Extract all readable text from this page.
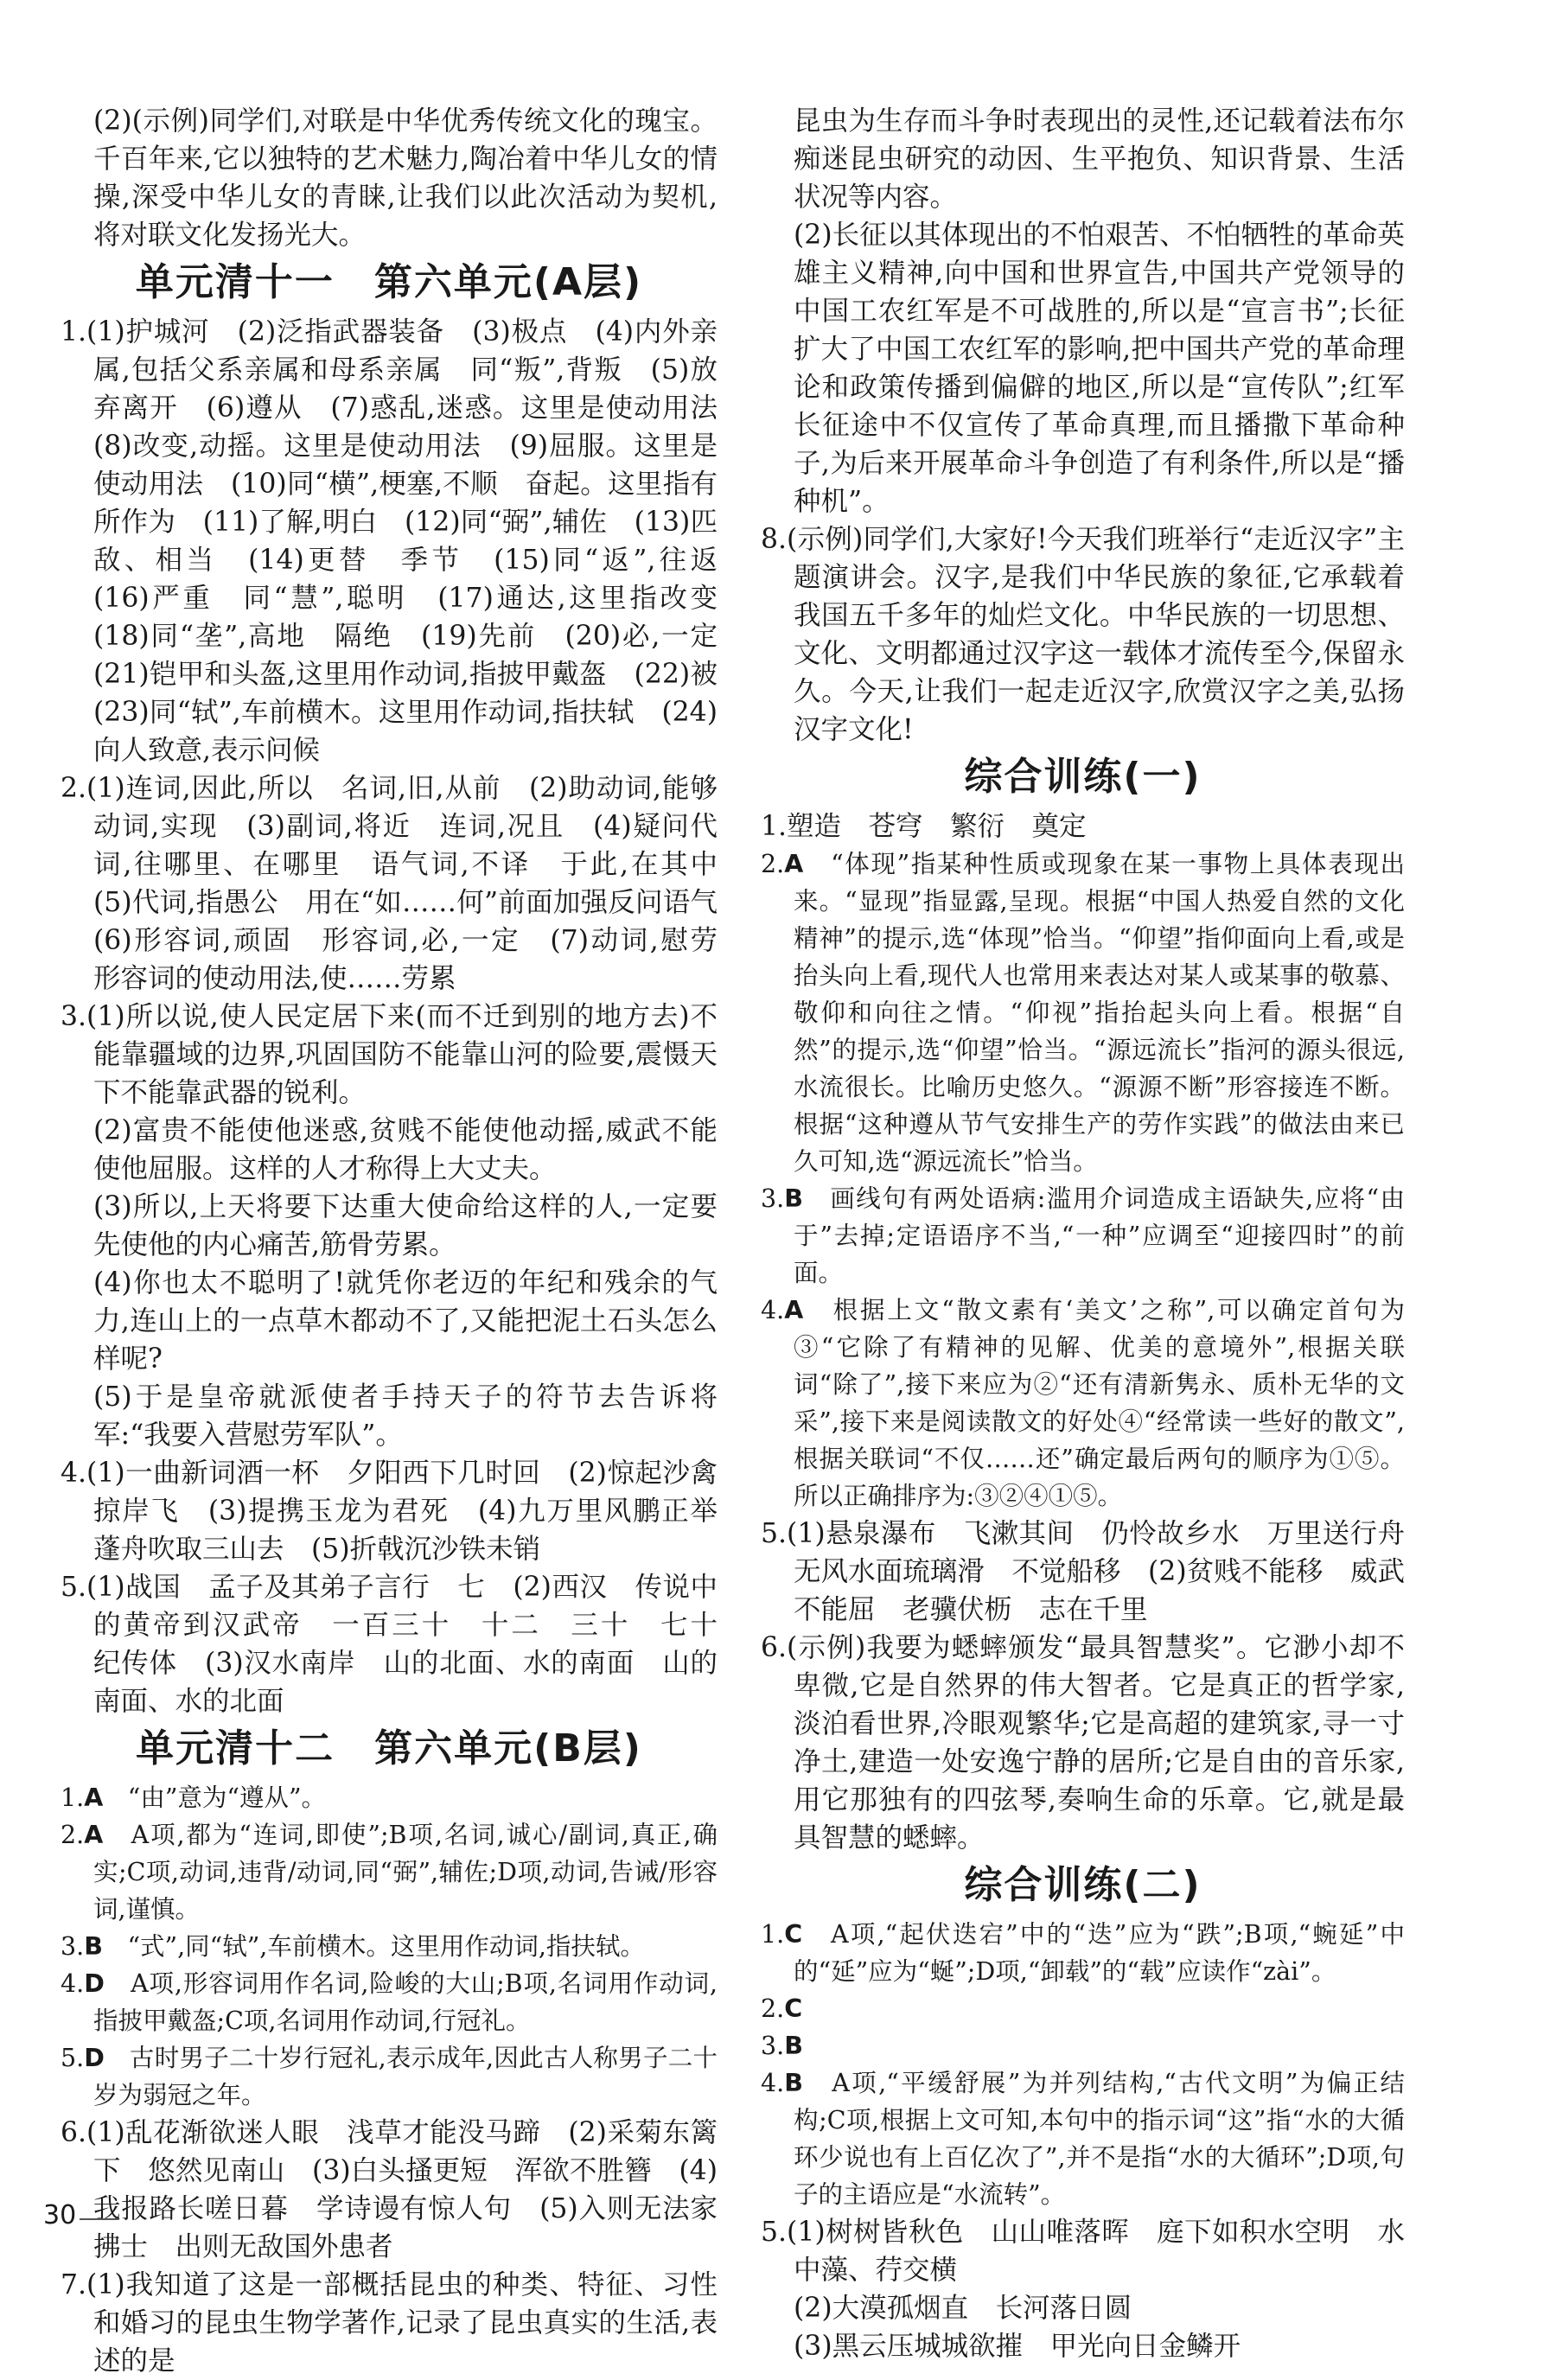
(2)(示例)同学们,对联是中华优秀传统文化的瑰宝。千百年来,它以独特的艺术魅力,陶冶着中华儿女的情操,深受中华儿女的青睐,让我们以此次活动为契机,将对联文化发扬光大。

单元清十一　第六单元(A层)

1.(1)护城河　(2)泛指武器装备　(3)极点　(4)内外亲属,包括父系亲属和母系亲属　同“叛”,背叛　(5)放弃离开　(6)遵从　(7)惑乱,迷惑。这里是使动用法　(8)改变,动摇。这里是使动用法　(9)屈服。这里是使动用法　(10)同“横”,梗塞,不顺　奋起。这里指有所作为　(11)了解,明白　(12)同“弼”,辅佐　(13)匹敌、相当　(14)更替　季节　(15)同“返”,往返　(16)严重　同“慧”,聪明　(17)通达,这里指改变　(18)同“垄”,高地　隔绝　(19)先前　(20)必,一定　(21)铠甲和头盔,这里用作动词,指披甲戴盔　(22)被　(23)同“轼”,车前横木。这里用作动词,指扶轼　(24)向人致意,表示问候

2.(1)连词,因此,所以　名词,旧,从前　(2)助动词,能够动词,实现　(3)副词,将近　连词,况且　(4)疑问代词,往哪里、在哪里　语气词,不译　于此,在其中　(5)代词,指愚公　用在“如……何”前面加强反问语气　(6)形容词,顽固　形容词,必,一定　(7)动词,慰劳　形容词的使动用法,使……劳累

3.(1)所以说,使人民定居下来(而不迁到别的地方去)不能靠疆域的边界,巩固国防不能靠山河的险要,震慑天下不能靠武器的锐利。

(2)富贵不能使他迷惑,贫贱不能使他动摇,威武不能使他屈服。这样的人才称得上大丈夫。

(3)所以,上天将要下达重大使命给这样的人,一定要先使他的内心痛苦,筋骨劳累。

(4)你也太不聪明了!就凭你老迈的年纪和残余的气力,连山上的一点草木都动不了,又能把泥土石头怎么样呢?

(5)于是皇帝就派使者手持天子的符节去告诉将军:“我要入营慰劳军队”。

4.(1)一曲新词酒一杯　夕阳西下几时回　(2)惊起沙禽掠岸飞　(3)提携玉龙为君死　(4)九万里风鹏正举　蓬舟吹取三山去　(5)折戟沉沙铁未销

5.(1)战国　孟子及其弟子言行　七　(2)西汉　传说中的黄帝到汉武帝　一百三十　十二　三十　七十　纪传体　(3)汉水南岸　山的北面、水的南面　山的南面、水的北面

单元清十二　第六单元(B层)

1.A　 “由”意为“遵从”。

2.A　 A项,都为“连词,即使”;B项,名词,诚心/副词,真正,确实;C项,动词,违背/动词,同“弼”,辅佐;D项,动词,告诫/形容词,谨慎。

3.B　 “式”,同“轼”,车前横木。这里用作动词,指扶轼。

4.D　 A项,形容词用作名词,险峻的大山;B项,名词用作动词,指披甲戴盔;C项,名词用作动词,行冠礼。

5.D　 古时男子二十岁行冠礼,表示成年,因此古人称男子二十岁为弱冠之年。

6.(1)乱花渐欲迷人眼　浅草才能没马蹄　(2)采菊东篱下　悠然见南山　(3)白头搔更短　浑欲不胜簪　(4)我报路长嗟日暮　学诗谩有惊人句　(5)入则无法家拂士　出则无敌国外患者

7.(1)我知道了这是一部概括昆虫的种类、特征、习性和婚习的昆虫生物学著作,记录了昆虫真实的生活,表述的是

昆虫为生存而斗争时表现出的灵性,还记载着法布尔痴迷昆虫研究的动因、生平抱负、知识背景、生活状况等内容。

(2)长征以其体现出的不怕艰苦、不怕牺牲的革命英雄主义精神,向中国和世界宣告,中国共产党领导的中国工农红军是不可战胜的,所以是“宣言书”;长征扩大了中国工农红军的影响,把中国共产党的革命理论和政策传播到偏僻的地区,所以是“宣传队”;红军长征途中不仅宣传了革命真理,而且播撒下革命种子,为后来开展革命斗争创造了有利条件,所以是“播种机”。

8.(示例)同学们,大家好!今天我们班举行“走近汉字”主题演讲会。汉字,是我们中华民族的象征,它承载着我国五千多年的灿烂文化。中华民族的一切思想、文化、文明都通过汉字这一载体才流传至今,保留永久。今天,让我们一起走近汉字,欣赏汉字之美,弘扬汉字文化!

综合训练(一)

1.塑造　苍穹　繁衍　奠定

2.A　 “体现”指某种性质或现象在某一事物上具体表现出来。“显现”指显露,呈现。根据“中国人热爱自然的文化精神”的提示,选“体现”恰当。“仰望”指仰面向上看,或是抬头向上看,现代人也常用来表达对某人或某事的敬慕、敬仰和向往之情。“仰视”指抬起头向上看。根据“自然”的提示,选“仰望”恰当。“源远流长”指河的源头很远,水流很长。比喻历史悠久。“源源不断”形容接连不断。根据“这种遵从节气安排生产的劳作实践”的做法由来已久可知,选“源远流长”恰当。

3.B　 画线句有两处语病:滥用介词造成主语缺失,应将“由于”去掉;定语语序不当,“一种”应调至“迎接四时”的前面。

4.A　 根据上文“散文素有‘美文’之称”,可以确定首句为③“它除了有精神的见解、优美的意境外”,根据关联词“除了”,接下来应为②“还有清新隽永、质朴无华的文采”,接下来是阅读散文的好处④“经常读一些好的散文”,根据关联词“不仅……还”确定最后两句的顺序为①⑤。所以正确排序为:③②④①⑤。

5.(1)悬泉瀑布　飞漱其间　仍怜故乡水　万里送行舟　无风水面琉璃滑　不觉船移　(2)贫贱不能移　威武不能屈　老骥伏枥　志在千里

6.(示例)我要为蟋蟀颁发“最具智慧奖”。它渺小却不卑微,它是自然界的伟大智者。它是真正的哲学家,淡泊看世界,冷眼观繁华;它是高超的建筑家,寻一寸净土,建造一处安逸宁静的居所;它是自由的音乐家,用它那独有的四弦琴,奏响生命的乐章。它,就是最具智慧的蟋蟀。

综合训练(二)

1.C　 A项,“起伏迭宕”中的“迭”应为“跌”;B项,“蜿延”中的“延”应为“蜒”;D项,“卸载”的“载”应读作“zài”。

2.C

3.B

4.B　 A项,“平缓舒展”为并列结构,“古代文明”为偏正结构;C项,根据上文可知,本句中的指示词“这”指“水的大循环少说也有上百亿次了”,并不是指“水的大循环”;D项,句子的主语应是“水流转”。

5.(1)树树皆秋色　山山唯落晖　庭下如积水空明　水中藻、荇交横

(2)大漠孤烟直　长河落日圆

(3)黑云压城城欲摧　甲光向日金鳞开

30
